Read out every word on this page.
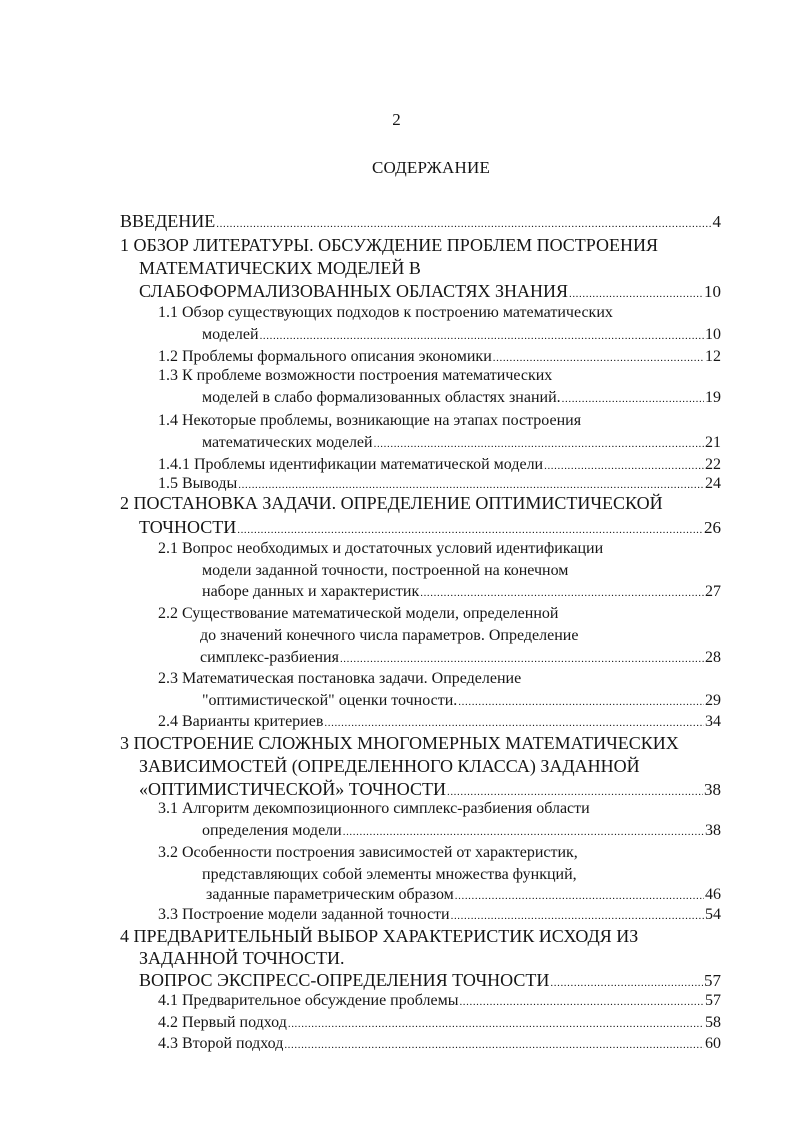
2
СОДЕРЖАНИЕ
ВВЕДЕНИЕ .....	4
1 ОБЗОР ЛИТЕРАТУРЫ. ОБСУЖДЕНИЕ ПРОБЛЕМ ПОСТРОЕНИЯ
МАТЕМАТИЧЕСКИХ МОДЕЛЕЙ В
СЛАБОФОРМАЛИЗОВАННЫХ ОБЛАСТЯХ ЗНАНИЯ .....	10
1.1 Обзор существующих подходов к построению математических
моделей .....	10
1.2 Проблемы формального описания экономики .....	12
1.3 К проблеме возможности построения математических
моделей в слабо формализованных областях знаний. .....	19
1.4 Некоторые проблемы, возникающие на этапах построения
математических моделей .....	21
1.4.1 Проблемы идентификации математической модели .....	22
1.5 Выводы .....	24
2 ПОСТАНОВКА ЗАДАЧИ. ОПРЕДЕЛЕНИЕ ОПТИМИСТИЧЕСКОЙ
ТОЧНОСТИ .....	26
2.1 Вопрос необходимых и достаточных условий идентификации
модели заданной точности, построенной на конечном
наборе данных и характеристик .....	27
2.2 Существование математической модели, определенной
до значений конечного числа параметров. Определение
симплекс-разбиения .....	28
2.3 Математическая постановка задачи. Определение
"оптимистической" оценки точности. .....	29
2.4 Варианты критериев .....	34
3 ПОСТРОЕНИЕ СЛОЖНЫХ МНОГОМЕРНЫХ МАТЕМАТИЧЕСКИХ
ЗАВИСИМОСТЕЙ (ОПРЕДЕЛЕННОГО КЛАССА) ЗАДАННОЙ
«ОПТИМИСТИЧЕСКОЙ» ТОЧНОСТИ .....	38
3.1 Алгоритм декомпозиционного симплекс-разбиения области
определения модели .....	38
3.2 Особенности построения зависимостей от характеристик,
представляющих собой элементы множества функций,
заданные параметрическим образом .....	46
3.3 Построение модели заданной точности .....	54
4 ПРЕДВАРИТЕЛЬНЫЙ ВЫБОР ХАРАКТЕРИСТИК ИСХОДЯ ИЗ
ЗАДАННОЙ ТОЧНОСТИ.
ВОПРОС ЭКСПРЕСС-ОПРЕДЕЛЕНИЯ ТОЧНОСТИ .....	57
4.1 Предварительное обсуждение проблемы .....	57
4.2 Первый подход .....	58
4.3 Второй подход .....	60
